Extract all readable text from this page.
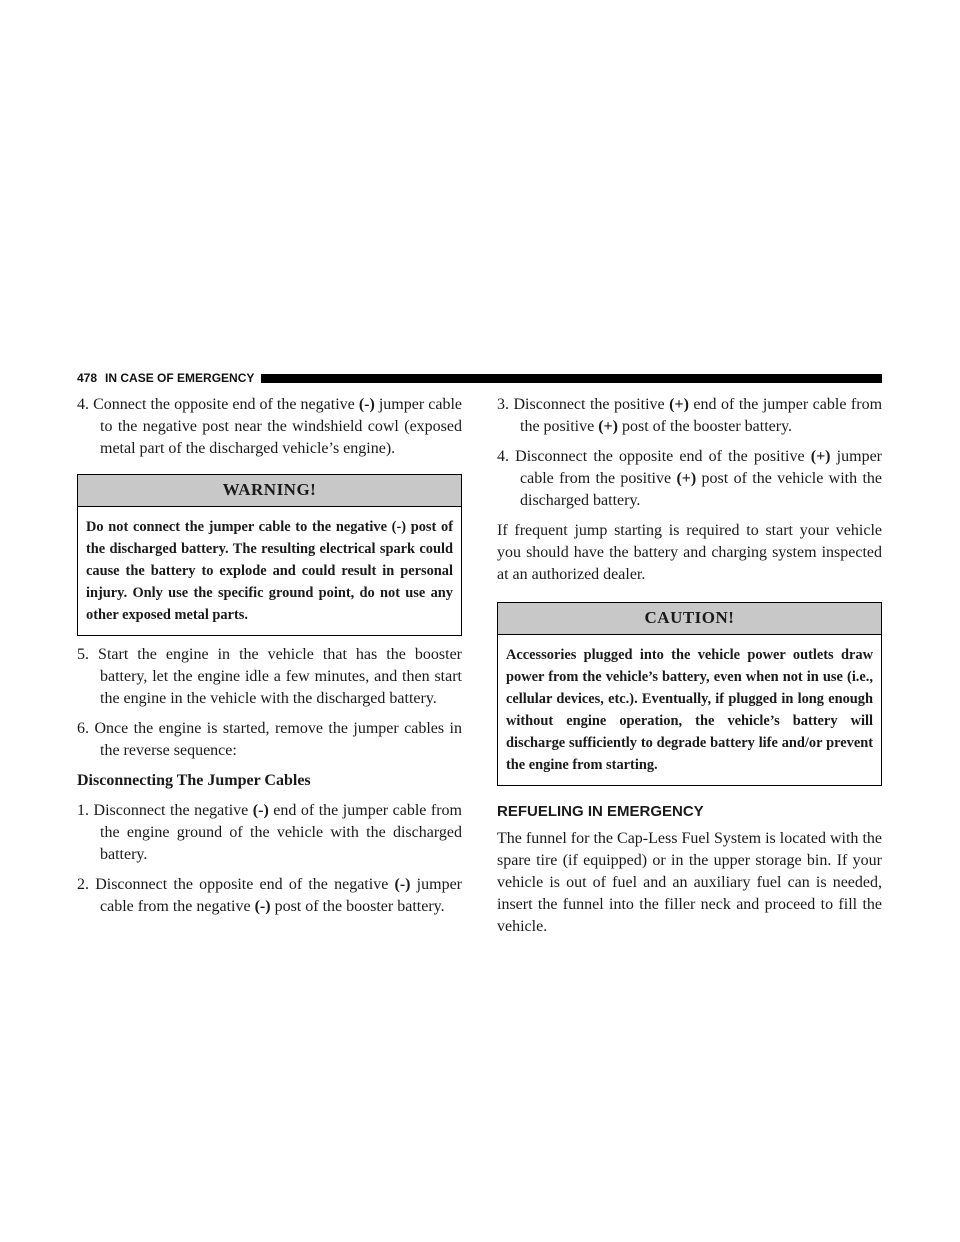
478 IN CASE OF EMERGENCY

4. Connect the opposite end of the negative (-) jumper cable to the negative post near the windshield cowl (exposed metal part of the discharged vehicle’s engine).

WARNING!
Do not connect the jumper cable to the negative (-) post of the discharged battery. The resulting electrical spark could cause the battery to explode and could result in personal injury. Only use the specific ground point, do not use any other exposed metal parts.

5. Start the engine in the vehicle that has the booster battery, let the engine idle a few minutes, and then start the engine in the vehicle with the discharged battery.

6. Once the engine is started, remove the jumper cables in the reverse sequence:

Disconnecting The Jumper Cables

1. Disconnect the negative (-) end of the jumper cable from the engine ground of the vehicle with the discharged battery.

2. Disconnect the opposite end of the negative (-) jumper cable from the negative (-) post of the booster battery.

3. Disconnect the positive (+) end of the jumper cable from the positive (+) post of the booster battery.

4. Disconnect the opposite end of the positive (+) jumper cable from the positive (+) post of the vehicle with the discharged battery.

If frequent jump starting is required to start your vehicle you should have the battery and charging system inspected at an authorized dealer.

CAUTION!
Accessories plugged into the vehicle power outlets draw power from the vehicle’s battery, even when not in use (i.e., cellular devices, etc.). Eventually, if plugged in long enough without engine operation, the vehicle’s battery will discharge sufficiently to degrade battery life and/or prevent the engine from starting.

REFUELING IN EMERGENCY

The funnel for the Cap-Less Fuel System is located with the spare tire (if equipped) or in the upper storage bin. If your vehicle is out of fuel and an auxiliary fuel can is needed, insert the funnel into the filler neck and proceed to fill the vehicle.
